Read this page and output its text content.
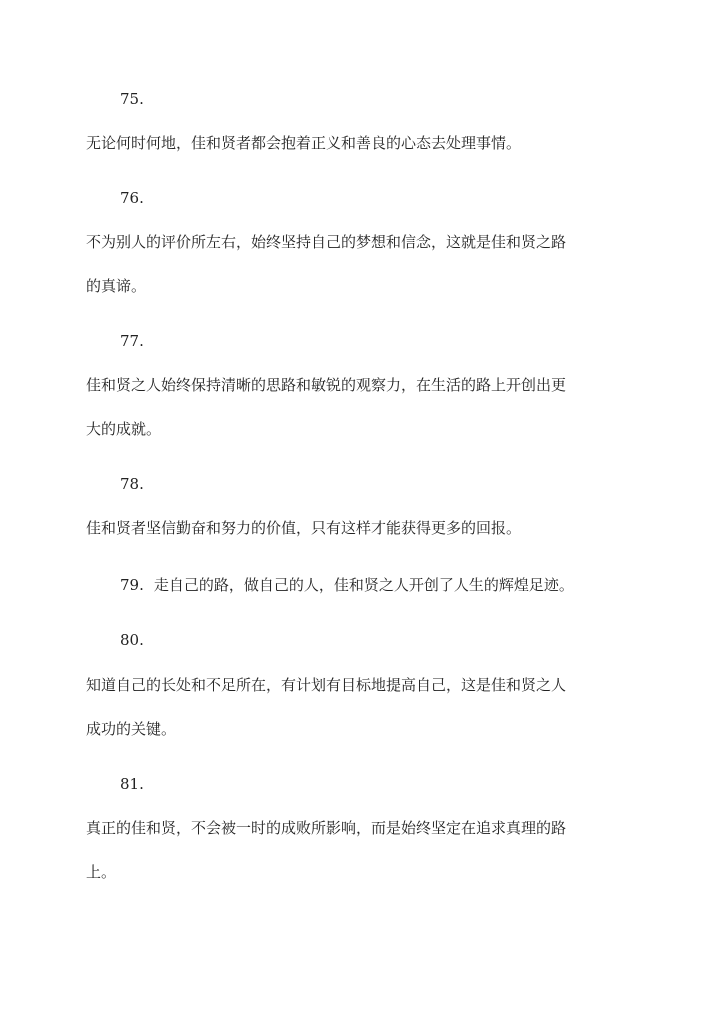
75.
无论何时何地，佳和贤者都会抱着正义和善良的心态去处理事情。
76.
不为别人的评价所左右，始终坚持自己的梦想和信念，这就是佳和贤之路
的真谛。
77.
佳和贤之人始终保持清晰的思路和敏锐的观察力，在生活的路上开创出更
大的成就。
78.
佳和贤者坚信勤奋和努力的价值，只有这样才能获得更多的回报。
79. 走自己的路，做自己的人，佳和贤之人开创了人生的辉煌足迹。
80.
知道自己的长处和不足所在，有计划有目标地提高自己，这是佳和贤之人
成功的关键。
81.
真正的佳和贤，不会被一时的成败所影响，而是始终坚定在追求真理的路
上。
